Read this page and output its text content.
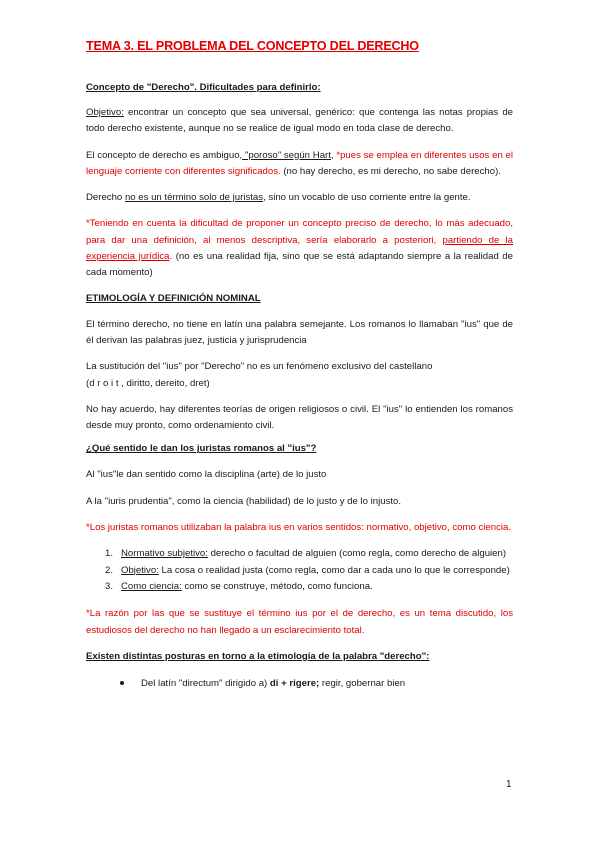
TEMA 3. EL PROBLEMA DEL CONCEPTO DEL DERECHO

Concepto de "Derecho". Dificultades para definirlo:

Objetivo: encontrar un concepto que sea universal, genérico: que contenga las notas propias de todo derecho existente, aunque no se realice de igual modo en toda clase de derecho.

El concepto de derecho es ambiguo, "poroso" según Hart, *pues se emplea en diferentes usos en el lenguaje corriente con diferentes significados. (no hay derecho, es mi derecho, no sabe derecho).

Derecho no es un término solo de juristas, sino un vocablo de uso corriente entre la gente.

*Teniendo en cuenta la dificultad de proponer un concepto preciso de derecho, lo más adecuado, para dar una definición, al menos descriptiva, sería elaborarlo a posteriori, partiendo de la experiencia jurídica. (no es una realidad fija, sino que se está adaptando siempre a la realidad de cada momento)

ETIMOLOGÍA Y DEFINICIÓN NOMINAL

El término derecho, no tiene en latín una palabra semejante. Los romanos lo llamaban "ius" que de él derivan las palabras juez, justicia y jurisprudencia

La sustitución del "ius" por "Derecho" no es un fenómeno exclusivo del castellano
(d r o i t , diritto, dereito, dret)

No hay acuerdo, hay diferentes teorías de origen religiosos o civil. El "ius" lo entienden los romanos desde muy pronto, como ordenamiento civil.

¿Qué sentido le dan los juristas romanos al "ius"?

Al "ius"le dan sentido como la disciplina (arte) de lo justo

A la "iuris prudentia", como la ciencia (habilidad) de lo justo y de lo injusto.

*Los juristas romanos utilizaban la palabra ius en varios sentidos: normativo, objetivo, como ciencia.

1. Normativo subjetivo: derecho o facultad de alguien (como regla, como derecho de alguien)
2. Objetivo: La cosa o realidad justa (como regla, como dar a cada uno lo que le corresponde)
3. Como ciencia: como se construye, método, como funciona.

*La razón por las que se sustituye el término ius por el de derecho, es un tema discutido, los estudiosos del derecho no han llegado a un esclarecimiento total.

Existen distintas posturas en torno a la etimología de la palabra "derecho":

Del latín "directum" dirigido a) di + rigere; regir, gobernar bien
1
